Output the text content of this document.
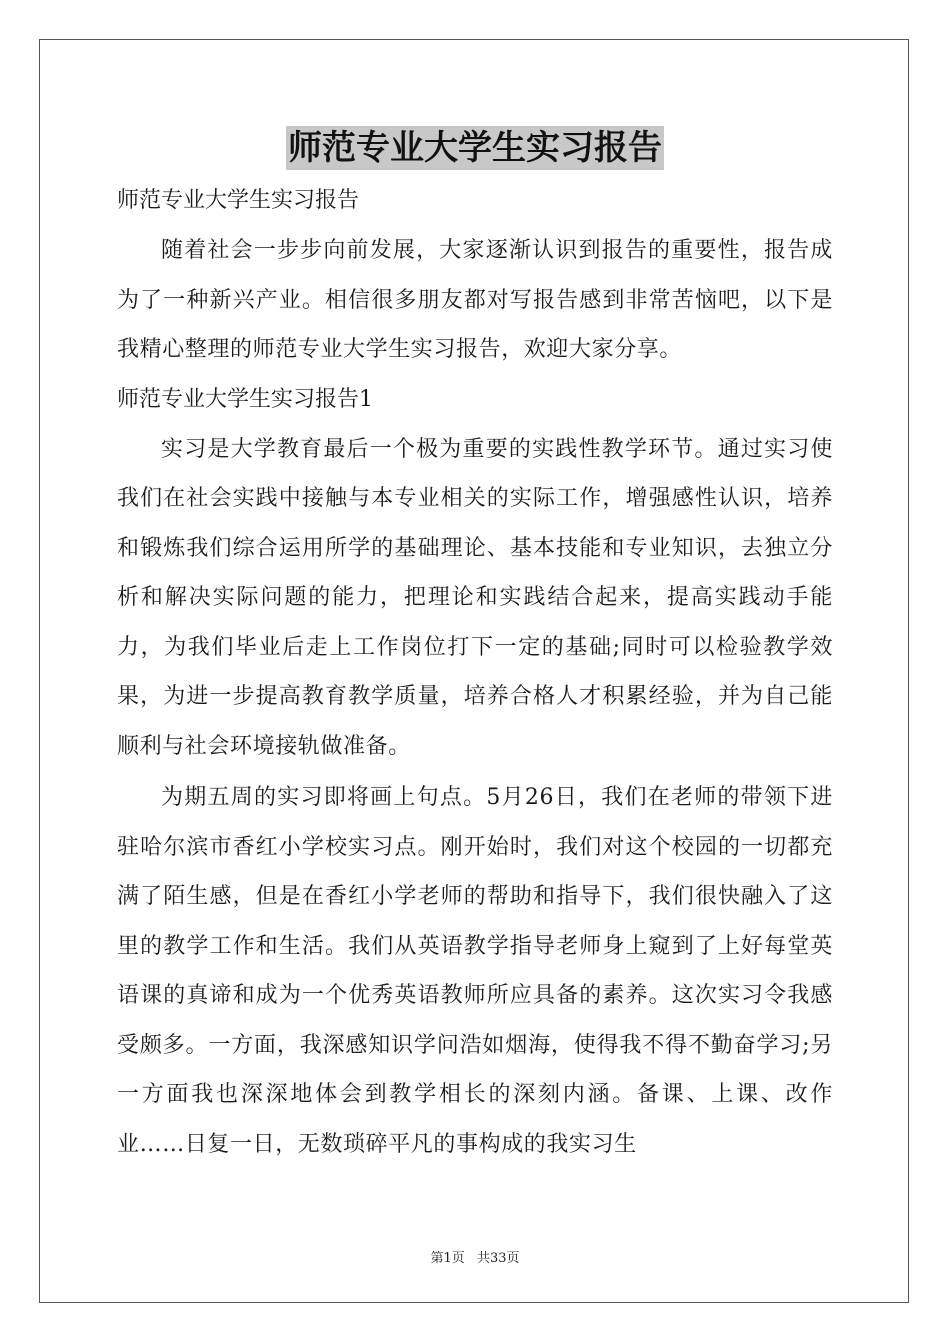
师范专业大学生实习报告
师范专业大学生实习报告

随着社会一步步向前发展，大家逐渐认识到报告的重要性，报告成为了一种新兴产业。相信很多朋友都对写报告感到非常苦恼吧，以下是我精心整理的师范专业大学生实习报告，欢迎大家分享。

师范专业大学生实习报告1

实习是大学教育最后一个极为重要的实践性教学环节。通过实习使我们在社会实践中接触与本专业相关的实际工作，增强感性认识，培养和锻炼我们综合运用所学的基础理论、基本技能和专业知识，去独立分析和解决实际问题的能力，把理论和实践结合起来，提高实践动手能力，为我们毕业后走上工作岗位打下一定的基础;同时可以检验教学效果，为进一步提高教育教学质量，培养合格人才积累经验，并为自己能顺利与社会环境接轨做准备。

为期五周的实习即将画上句点。5月26日，我们在老师的带领下进驻哈尔滨市香红小学校实习点。刚开始时，我们对这个校园的一切都充满了陌生感，但是在香红小学老师的帮助和指导下，我们很快融入了这里的教学工作和生活。我们从英语教学指导老师身上窥到了上好每堂英语课的真谛和成为一个优秀英语教师所应具备的素养。这次实习令我感受颇多。一方面，我深感知识学问浩如烟海，使得我不得不勤奋学习;另一方面我也深深地体会到教学相长的深刻内涵。备课、上课、改作业……日复一日，无数琐碎平凡的事构成的我实习生

第1页 共33页
